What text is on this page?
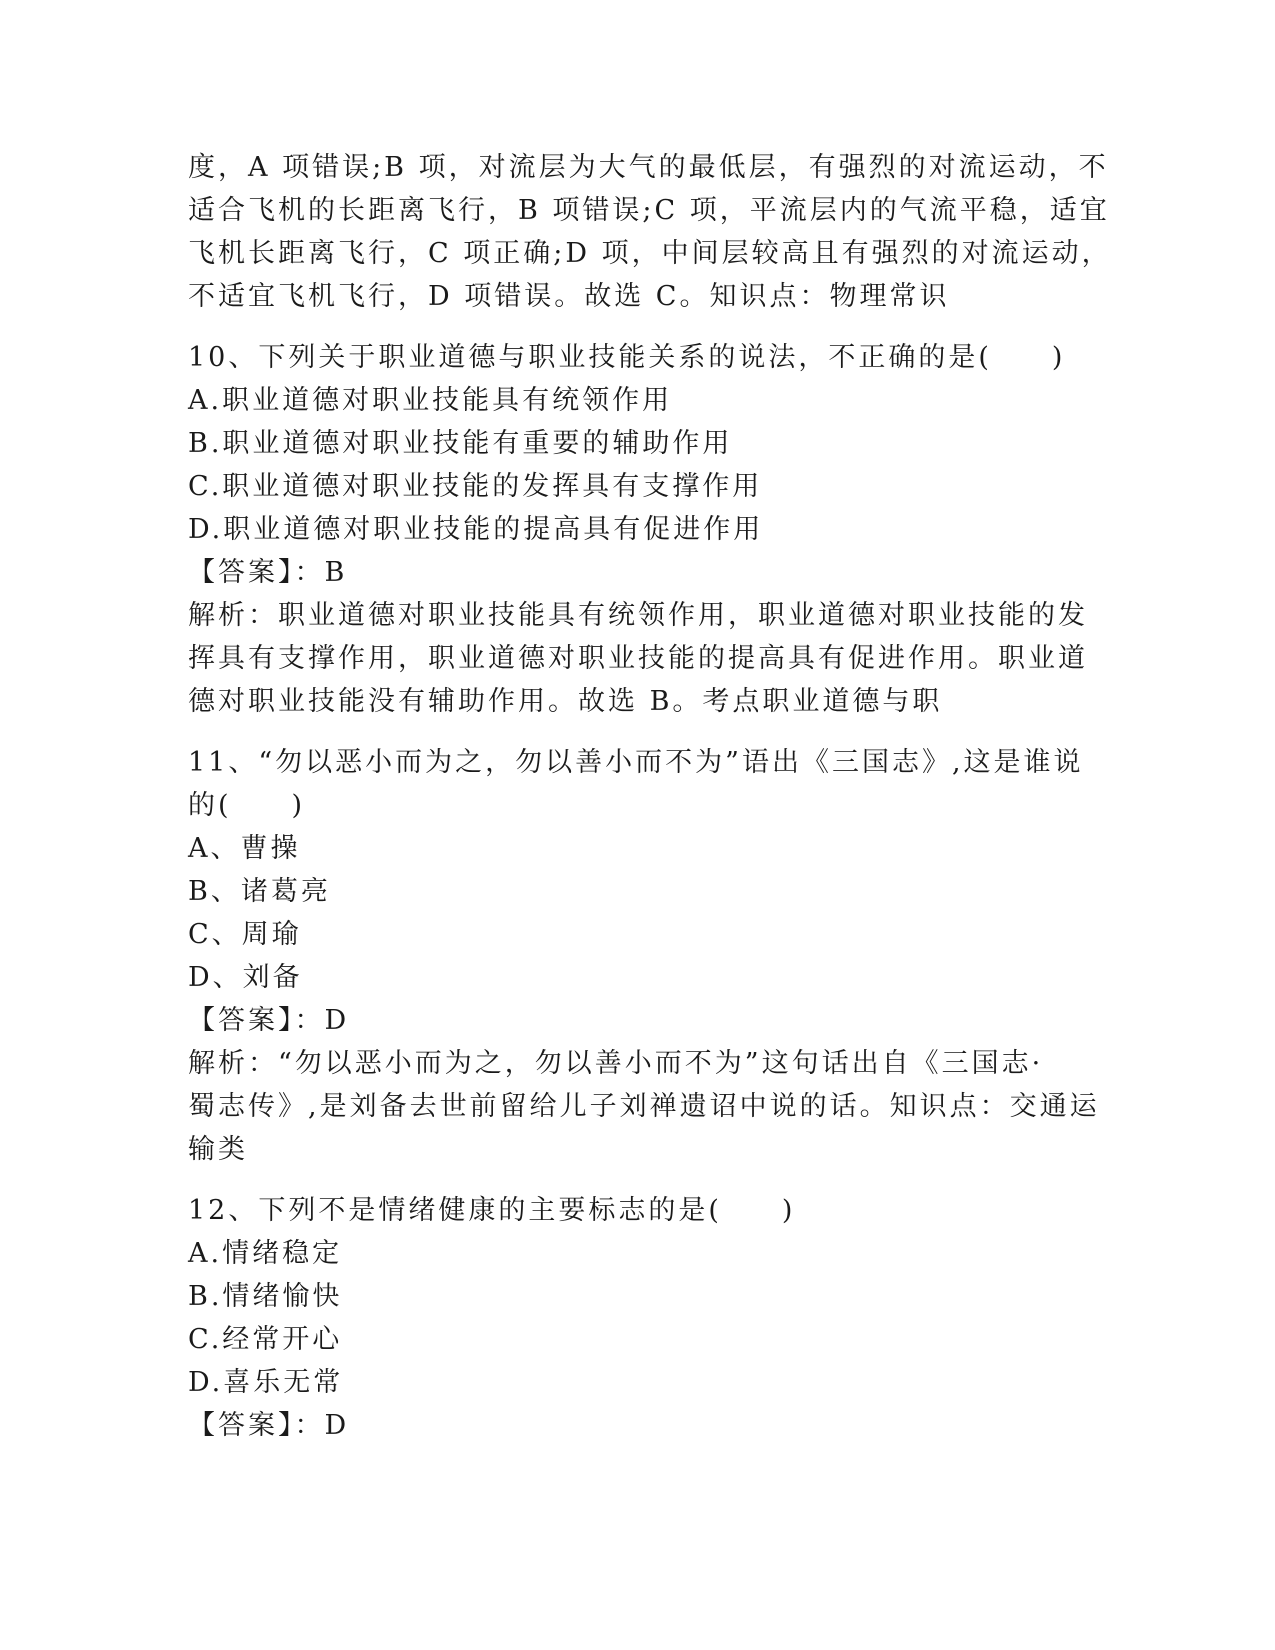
度，A 项错误;B 项，对流层为大气的最低层，有强烈的对流运动，不
适合飞机的长距离飞行，B 项错误;C 项，平流层内的气流平稳，适宜
飞机长距离飞行，C 项正确;D 项，中间层较高且有强烈的对流运动，
不适宜飞机飞行，D 项错误。故选 C。知识点：物理常识
10、下列关于职业道德与职业技能关系的说法，不正确的是(　　)
A.职业道德对职业技能具有统领作用
B.职业道德对职业技能有重要的辅助作用
C.职业道德对职业技能的发挥具有支撑作用
D.职业道德对职业技能的提高具有促进作用
【答案】：B
解析：职业道德对职业技能具有统领作用，职业道德对职业技能的发
挥具有支撑作用，职业道德对职业技能的提高具有促进作用。职业道
德对职业技能没有辅助作用。故选 B。考点职业道德与职
11、“勿以恶小而为之，勿以善小而不为”语出《三国志》,这是谁说
的(　　)
A、曹操
B、诸葛亮
C、周瑜
D、刘备
【答案】：D
解析：“勿以恶小而为之，勿以善小而不为”这句话出自《三国志·
蜀志传》,是刘备去世前留给儿子刘禅遗诏中说的话。知识点：交通运
输类
12、下列不是情绪健康的主要标志的是(　　)
A.情绪稳定
B.情绪愉快
C.经常开心
D.喜乐无常
【答案】：D
